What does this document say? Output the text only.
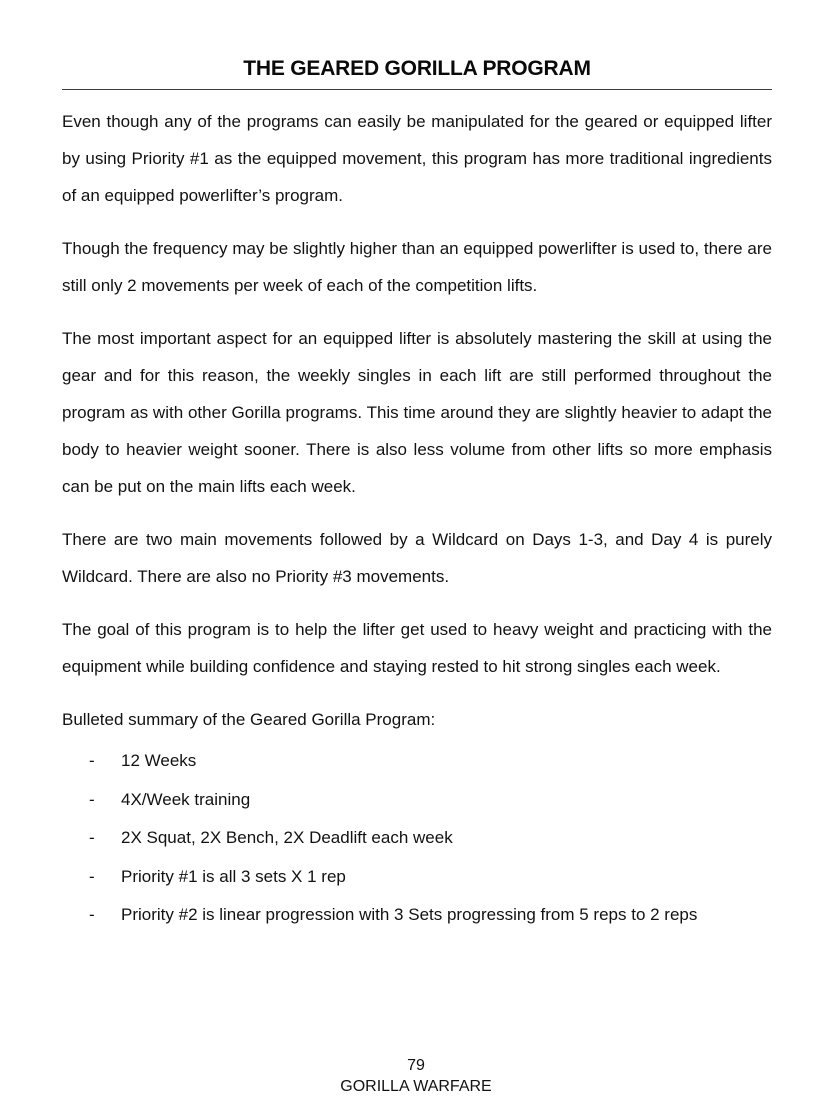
THE GEARED GORILLA PROGRAM

Even though any of the programs can easily be manipulated for the geared or equipped lifter by using Priority #1 as the equipped movement, this program has more traditional ingredients of an equipped powerlifter’s program.

Though the frequency may be slightly higher than an equipped powerlifter is used to, there are still only 2 movements per week of each of the competition lifts.

The most important aspect for an equipped lifter is absolutely mastering the skill at using the gear and for this reason, the weekly singles in each lift are still performed throughout the program as with other Gorilla programs. This time around they are slightly heavier to adapt the body to heavier weight sooner. There is also less volume from other lifts so more emphasis can be put on the main lifts each week.

There are two main movements followed by a Wildcard on Days 1-3, and Day 4 is purely Wildcard. There are also no Priority #3 movements.

The goal of this program is to help the lifter get used to heavy weight and practicing with the equipment while building confidence and staying rested to hit strong singles each week.

Bulleted summary of the Geared Gorilla Program:

-	12 Weeks
-	4X/Week training
-	2X Squat, 2X Bench, 2X Deadlift each week
-	Priority #1 is all 3 sets X 1 rep
-	Priority #2 is linear progression with 3 Sets progressing from 5 reps to 2 reps
79
GORILLA WARFARE
